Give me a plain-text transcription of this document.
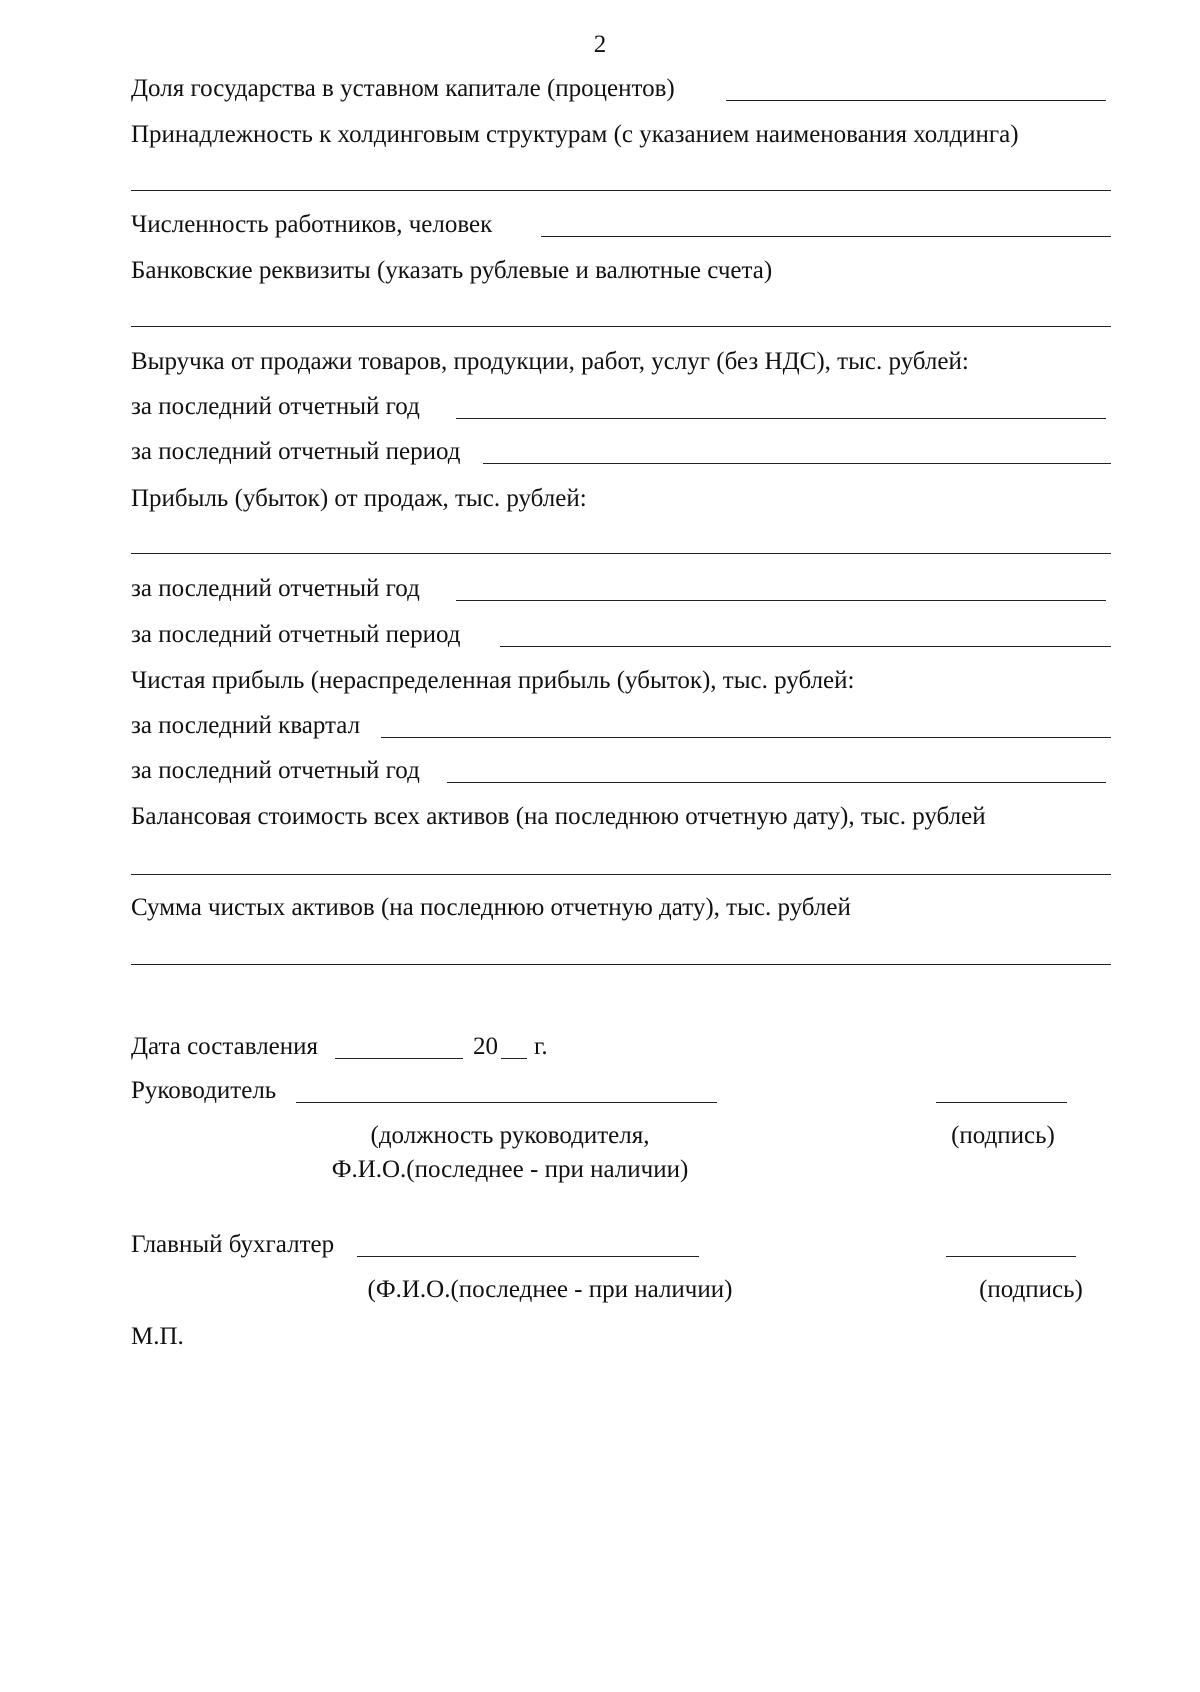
2
Доля государства в уставном капитале (процентов)
Принадлежность к холдинговым структурам (с указанием наименования холдинга)
Численность работников, человек
Банковские реквизиты (указать рублевые и валютные счета)
Выручка от продажи товаров, продукции, работ, услуг (без НДС), тыс. рублей:
за последний отчетный год
за последний отчетный период
Прибыль (убыток) от продаж, тыс. рублей:
за последний отчетный год
за последний отчетный период
Чистая прибыль (нераспределенная прибыль (убыток), тыс. рублей:
за последний квартал
за последний отчетный год
Балансовая стоимость всех активов (на последнюю отчетную дату), тыс. рублей
Сумма чистых активов (на последнюю отчетную дату), тыс. рублей
Дата составления	20 г.
Руководитель
(должность руководителя,
Ф.И.О.(последнее - при наличии)
(подпись)
Главный бухгалтер
(Ф.И.О.(последнее - при наличии)	(подпись)
М.П.
